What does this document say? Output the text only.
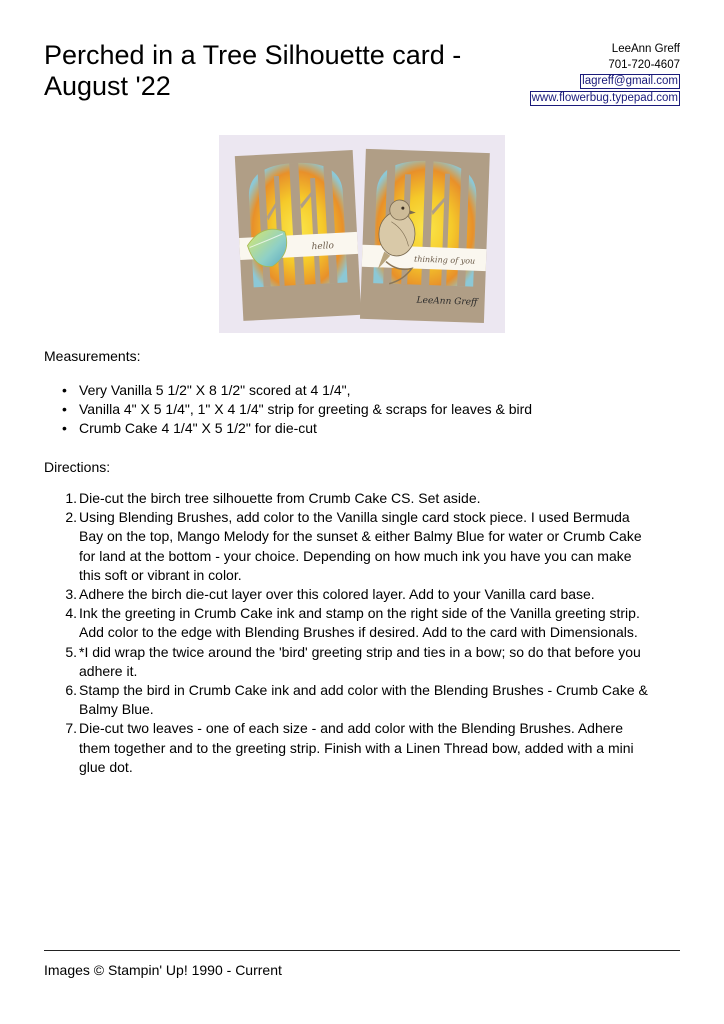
Perched in a Tree Silhouette card -
August '22
LeeAnn Greff
701-720-4607
lagreff@gmail.com
www.flowerbug.typepad.com
hello
thinking of you
LeeAnn Greff

Measurements:

• Very Vanilla 5 1/2" X 8 1/2" scored at 4 1/4",
• Vanilla 4" X 5 1/4", 1" X 4 1/4" strip for greeting & scraps for leaves & bird
• Crumb Cake 4 1/4" X 5 1/2" for die-cut

Directions:

1. Die-cut the birch tree silhouette from Crumb Cake CS. Set aside.
2. Using Blending Brushes, add color to the Vanilla single card stock piece. I used Bermuda
Bay on the top, Mango Melody for the sunset & either Balmy Blue for water or Crumb Cake
for land at the bottom - your choice. Depending on how much ink you have you can make
this soft or vibrant in color.
3. Adhere the birch die-cut layer over this colored layer. Add to your Vanilla card base.
4. Ink the greeting in Crumb Cake ink and stamp on the right side of the Vanilla greeting strip.
Add color to the edge with Blending Brushes if desired. Add to the card with Dimensionals.
5. *I did wrap the twice around the 'bird' greeting strip and ties in a bow; so do that before you
adhere it.
6. Stamp the bird in Crumb Cake ink and add color with the Blending Brushes - Crumb Cake &
Balmy Blue.
7. Die-cut two leaves - one of each size - and add color with the Blending Brushes. Adhere
them together and to the greeting strip. Finish with a Linen Thread bow, added with a mini
glue dot.
Images © Stampin' Up! 1990 - Current
